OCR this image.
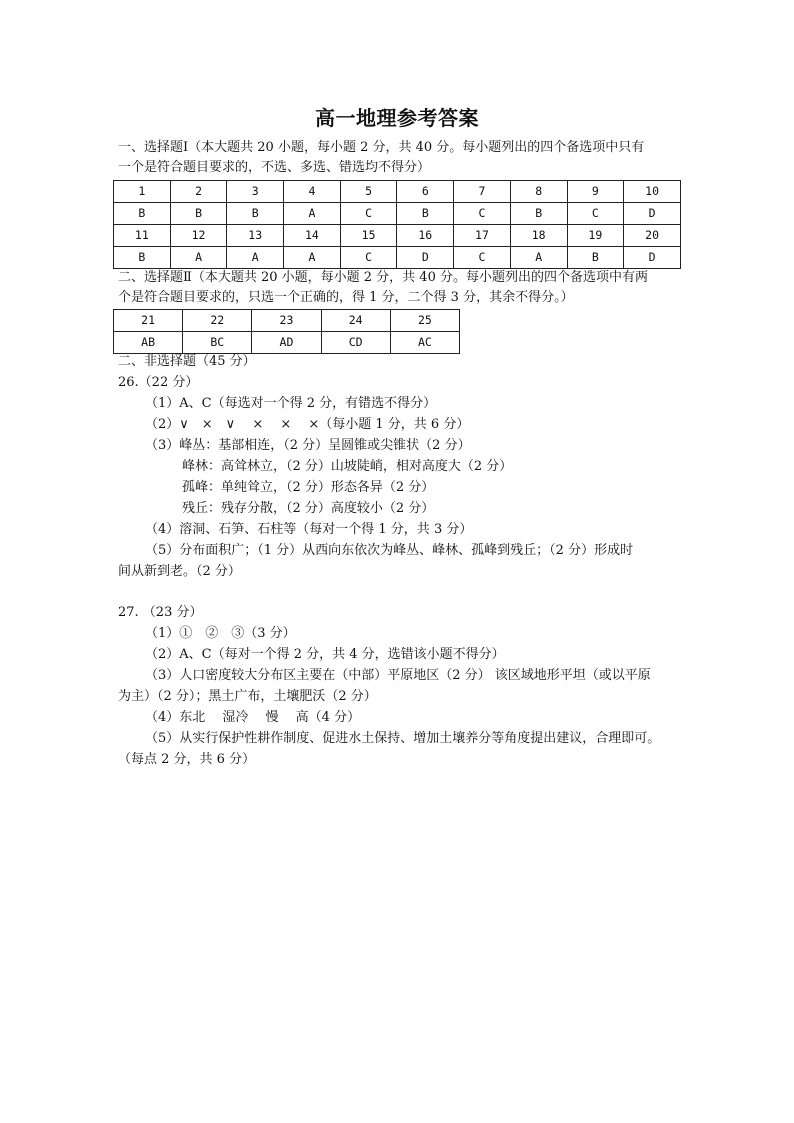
高一地理参考答案
一、选择题Ⅰ（本大题共 20 小题，每小题 2 分，共 40 分。每小题列出的四个备选项中只有
一个是符合题目要求的，不选、多选、错选均不得分）
1	2	3	4	5	6	7	8	9	10
B	B	B	A	C	B	C	B	C	D
11	12	13	14	15	16	17	18	19	20
B	A	A	A	C	D	C	A	B	D
二、选择题Ⅱ（本大题共 20 小题，每小题 2 分，共 40 分。每小题列出的四个备选项中有两
个是符合题目要求的，只选一个正确的，得 1 分，二个得 3 分，其余不得分。）
21	22	23	24	25
AB	BC	AD	CD	AC
二、非选择题（45 分）
26.（22 分）
（1）A、C（每选对一个得 2 分，有错选不得分）
（2）∨　×　∨　 ×　 ×　 ×（每小题 1 分，共 6 分）
（3）峰丛：基部相连，（2 分）呈圆锥或尖锥状（2 分）
峰林：高耸林立，（2 分）山坡陡峭，相对高度大（2 分）
孤峰：单纯耸立，（2 分）形态各异（2 分）
残丘：残存分散，（2 分）高度较小（2 分）
（4）溶洞、石笋、石柱等（每对一个得 1 分，共 3 分）
（5）分布面积广；（1 分）从西向东依次为峰丛、峰林、孤峰到残丘；（2 分）形成时
间从新到老。（2 分）
27. （23 分）
（1）①　②　③（3 分）
（2）A、C（每对一个得 2 分，共 4 分，选错该小题不得分）
（3）人口密度较大分布区主要在（中部）平原地区（2 分） 该区域地形平坦（或以平原
为主）（2 分）；黑土广布，土壤肥沃（2 分）
（4）东北　 湿冷　 慢　 高（4 分）
（5）从实行保护性耕作制度、促进水土保持、增加土壤养分等角度提出建议，合理即可。
（每点 2 分，共 6 分）
